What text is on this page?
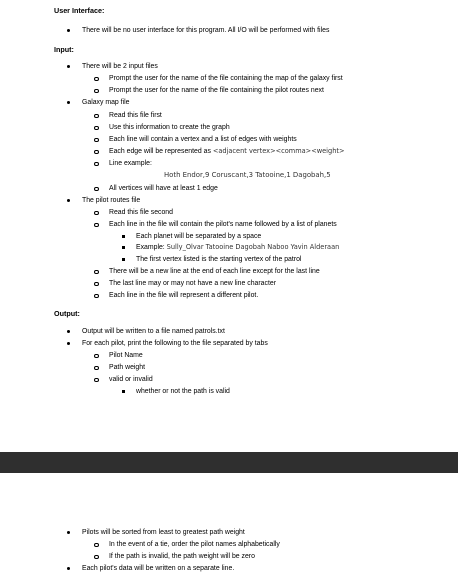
User Interface:
There will be no user interface for this program. All I/O will be performed with files
Input:
There will be 2 input files
Prompt the user for the name of the file containing the map of the galaxy first
Prompt the user for the name of the file containing the pilot routes next
Galaxy map file
Read this file first
Use this information to create the graph
Each line will contain a vertex and a list of edges with weights
Each edge will be represented as <adjacent vertex><comma><weight>
Line example:
Hoth Endor,9 Coruscant,3 Tatooine,1 Dagobah,5
All vertices will have at least 1 edge
The pilot routes file
Read this file second
Each line in the file will contain the pilot's name followed by a list of planets
Each planet will be separated by a space
Example: Sully_Olvar Tatooine Dagobah Naboo Yavin Alderaan
The first vertex listed is the starting vertex of the patrol
There will be a new line at the end of each line except for the last line
The last line may or may not have a new line character
Each line in the file will represent a different pilot.
Output:
Output will be written to a file named patrols.txt
For each pilot, print the following to the file separated by tabs
Pilot Name
Path weight
valid or invalid
whether or not the path is valid
Pilots will be sorted from least to greatest path weight
In the event of a tie, order the pilot names alphabetically
If the path is invalid, the path weight will be zero
Each pilot's data will be written on a separate line.
